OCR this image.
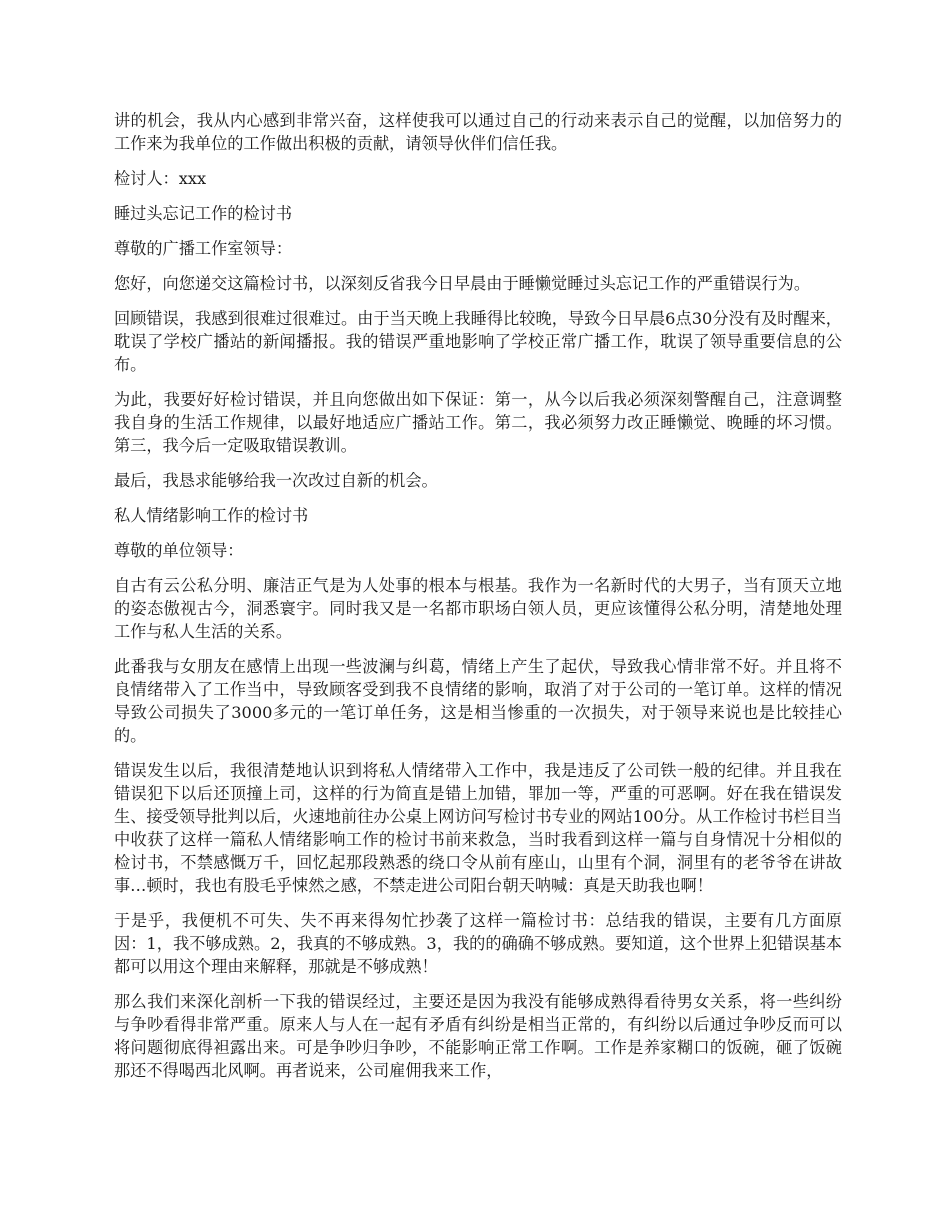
讲的机会，我从内心感到非常兴奋，这样使我可以通过自己的行动来表示自己的觉醒，以加倍努力的工作来为我单位的工作做出积极的贡献，请领导伙伴们信任我。

检讨人：xxx

睡过头忘记工作的检讨书

尊敬的广播工作室领导：

您好，向您递交这篇检讨书，以深刻反省我今日早晨由于睡懒觉睡过头忘记工作的严重错误行为。

回顾错误，我感到很难过很难过。由于当天晚上我睡得比较晚，导致今日早晨6点30分没有及时醒来，耽误了学校广播站的新闻播报。我的错误严重地影响了学校正常广播工作，耽误了领导重要信息的公布。

为此，我要好好检讨错误，并且向您做出如下保证：第一，从今以后我必须深刻警醒自己，注意调整我自身的生活工作规律，以最好地适应广播站工作。第二，我必须努力改正睡懒觉、晚睡的坏习惯。第三，我今后一定吸取错误教训。

最后，我恳求能够给我一次改过自新的机会。

私人情绪影响工作的检讨书

尊敬的单位领导：

自古有云公私分明、廉洁正气是为人处事的根本与根基。我作为一名新时代的大男子，当有顶天立地的姿态傲视古今，洞悉寰宇。同时我又是一名都市职场白领人员，更应该懂得公私分明，清楚地处理工作与私人生活的关系。

此番我与女朋友在感情上出现一些波澜与纠葛，情绪上产生了起伏，导致我心情非常不好。并且将不良情绪带入了工作当中，导致顾客受到我不良情绪的影响，取消了对于公司的一笔订单。这样的情况导致公司损失了3000多元的一笔订单任务，这是相当惨重的一次损失，对于领导来说也是比较挂心的。

错误发生以后，我很清楚地认识到将私人情绪带入工作中，我是违反了公司铁一般的纪律。并且我在错误犯下以后还顶撞上司，这样的行为简直是错上加错，罪加一等，严重的可恶啊。好在我在错误发生、接受领导批判以后，火速地前往办公桌上网访问写检讨书专业的网站100分。从工作检讨书栏目当中收获了这样一篇私人情绪影响工作的检讨书前来救急，当时我看到这样一篇与自身情况十分相似的检讨书，不禁感慨万千，回忆起那段熟悉的绕口令从前有座山，山里有个洞，洞里有的老爷爷在讲故事…顿时，我也有股毛乎悚然之感，不禁走进公司阳台朝天呐喊：真是天助我也啊！

于是乎，我便机不可失、失不再来得匆忙抄袭了这样一篇检讨书：总结我的错误，主要有几方面原因：1，我不够成熟。2，我真的不够成熟。3，我的的确确不够成熟。要知道，这个世界上犯错误基本都可以用这个理由来解释，那就是不够成熟！

那么我们来深化剖析一下我的错误经过，主要还是因为我没有能够成熟得看待男女关系，将一些纠纷与争吵看得非常严重。原来人与人在一起有矛盾有纠纷是相当正常的，有纠纷以后通过争吵反而可以将问题彻底得袒露出来。可是争吵归争吵，不能影响正常工作啊。工作是养家糊口的饭碗，砸了饭碗那还不得喝西北风啊。再者说来，公司雇佣我来工作，
